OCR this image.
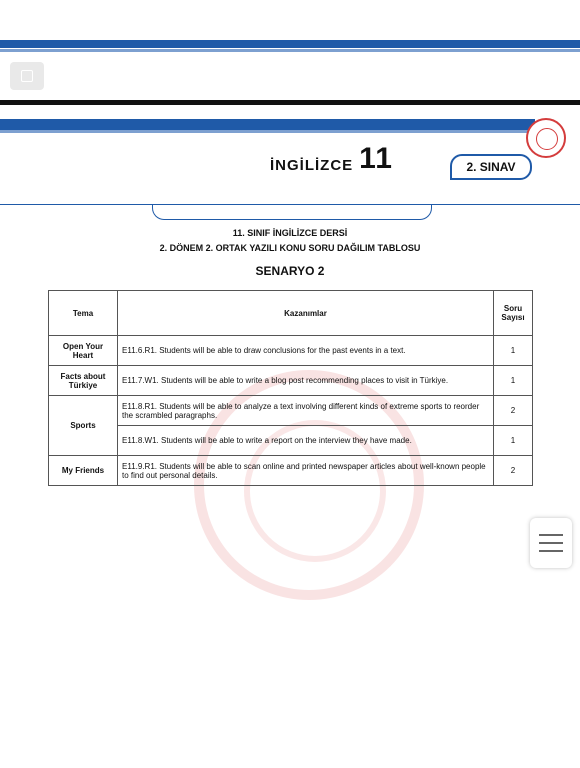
İNGİLİZCE 11	2. SINAV
11. SINIF İNGİLİZCE DERSİ
2. DÖNEM 2. ORTAK YAZILI KONU SORU DAĞILIM TABLOSU
SENARYO 2
Tema	Kazanımlar	Soru Sayısı
Open Your Heart	E11.6.R1. Students will be able to draw conclusions for the past events in a text.	1
Facts about Türkiye	E11.7.W1. Students will be able to write a blog post recommending places to visit in Türkiye.	1
Sports	E11.8.R1. Students will be able to analyze a text involving different kinds of extreme sports to reorder the scrambled paragraphs.	2
	E11.8.W1. Students will be able to write a report on the interview they have made.	1
My Friends	E11.9.R1. Students will be able to scan online and printed newspaper articles about well-known people to find out personal details.	2
